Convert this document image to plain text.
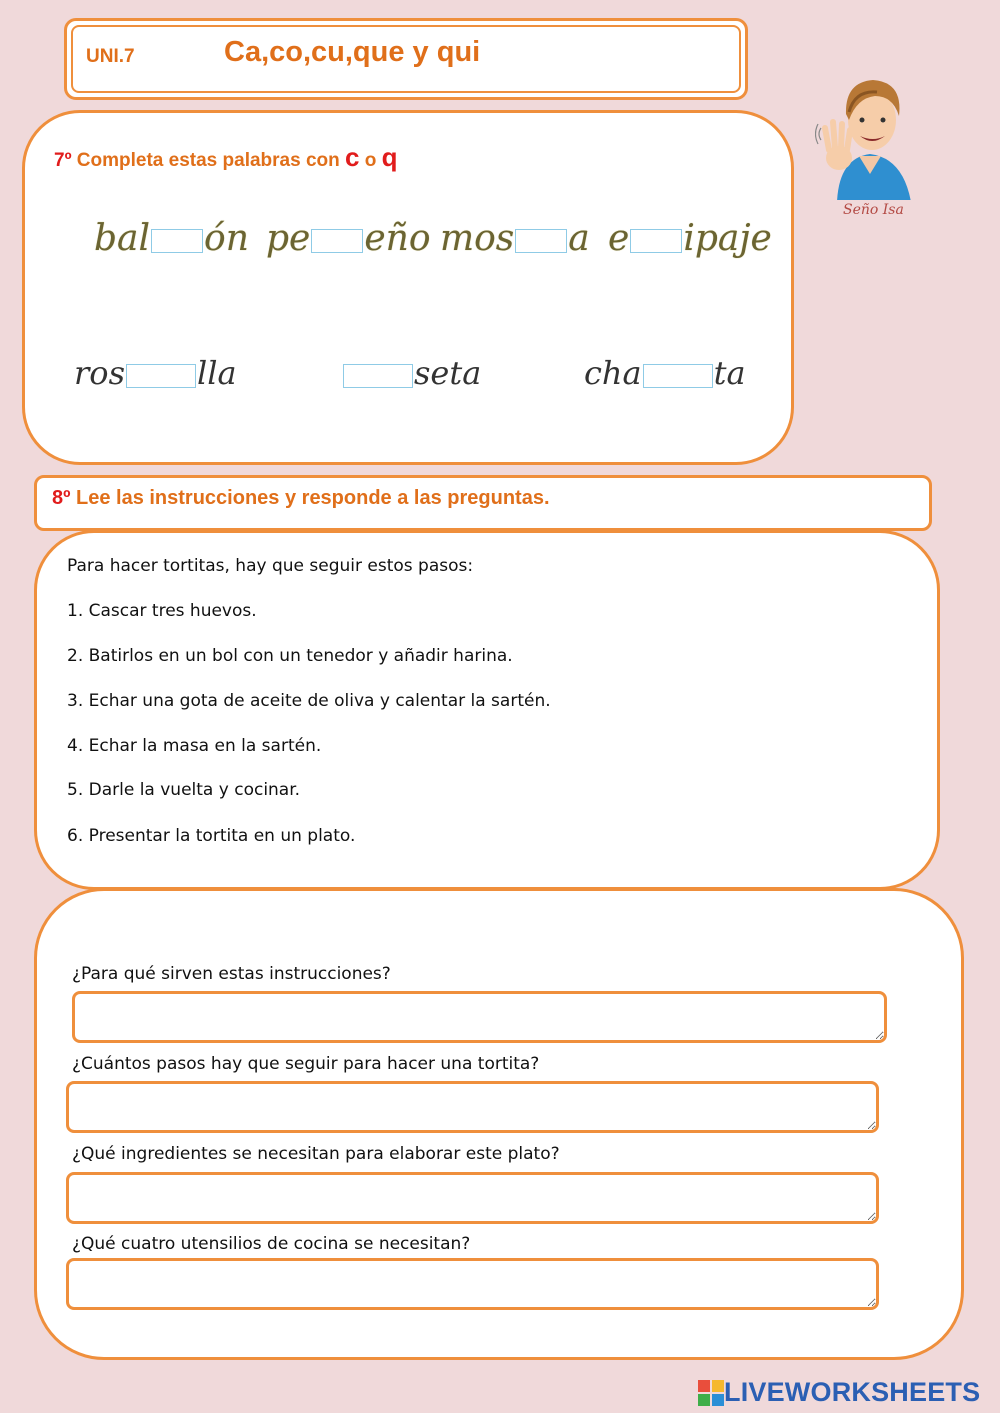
UNI.7	Ca,co,cu,que y qui
Seño Isa
7º Completa estas palabras con c o q
bal ón pe eño mos a e ipaje
ros lla	seta	cha ta
8º Lee las instrucciones y responde a las preguntas.
Para hacer tortitas, hay que seguir estos pasos:
1. Cascar tres huevos.
2. Batirlos en un bol con un tenedor y añadir harina.
3. Echar una gota de aceite de oliva y calentar la sartén.
4. Echar la masa en la sartén.
5. Darle la vuelta y cocinar.
6. Presentar la tortita en un plato.
¿Para qué sirven estas instrucciones?
¿Cuántos pasos hay que seguir para hacer una tortita?
¿Qué ingredientes se necesitan para elaborar este plato?
¿Qué cuatro utensilios de cocina se necesitan?
LIVEWORKSHEETS
